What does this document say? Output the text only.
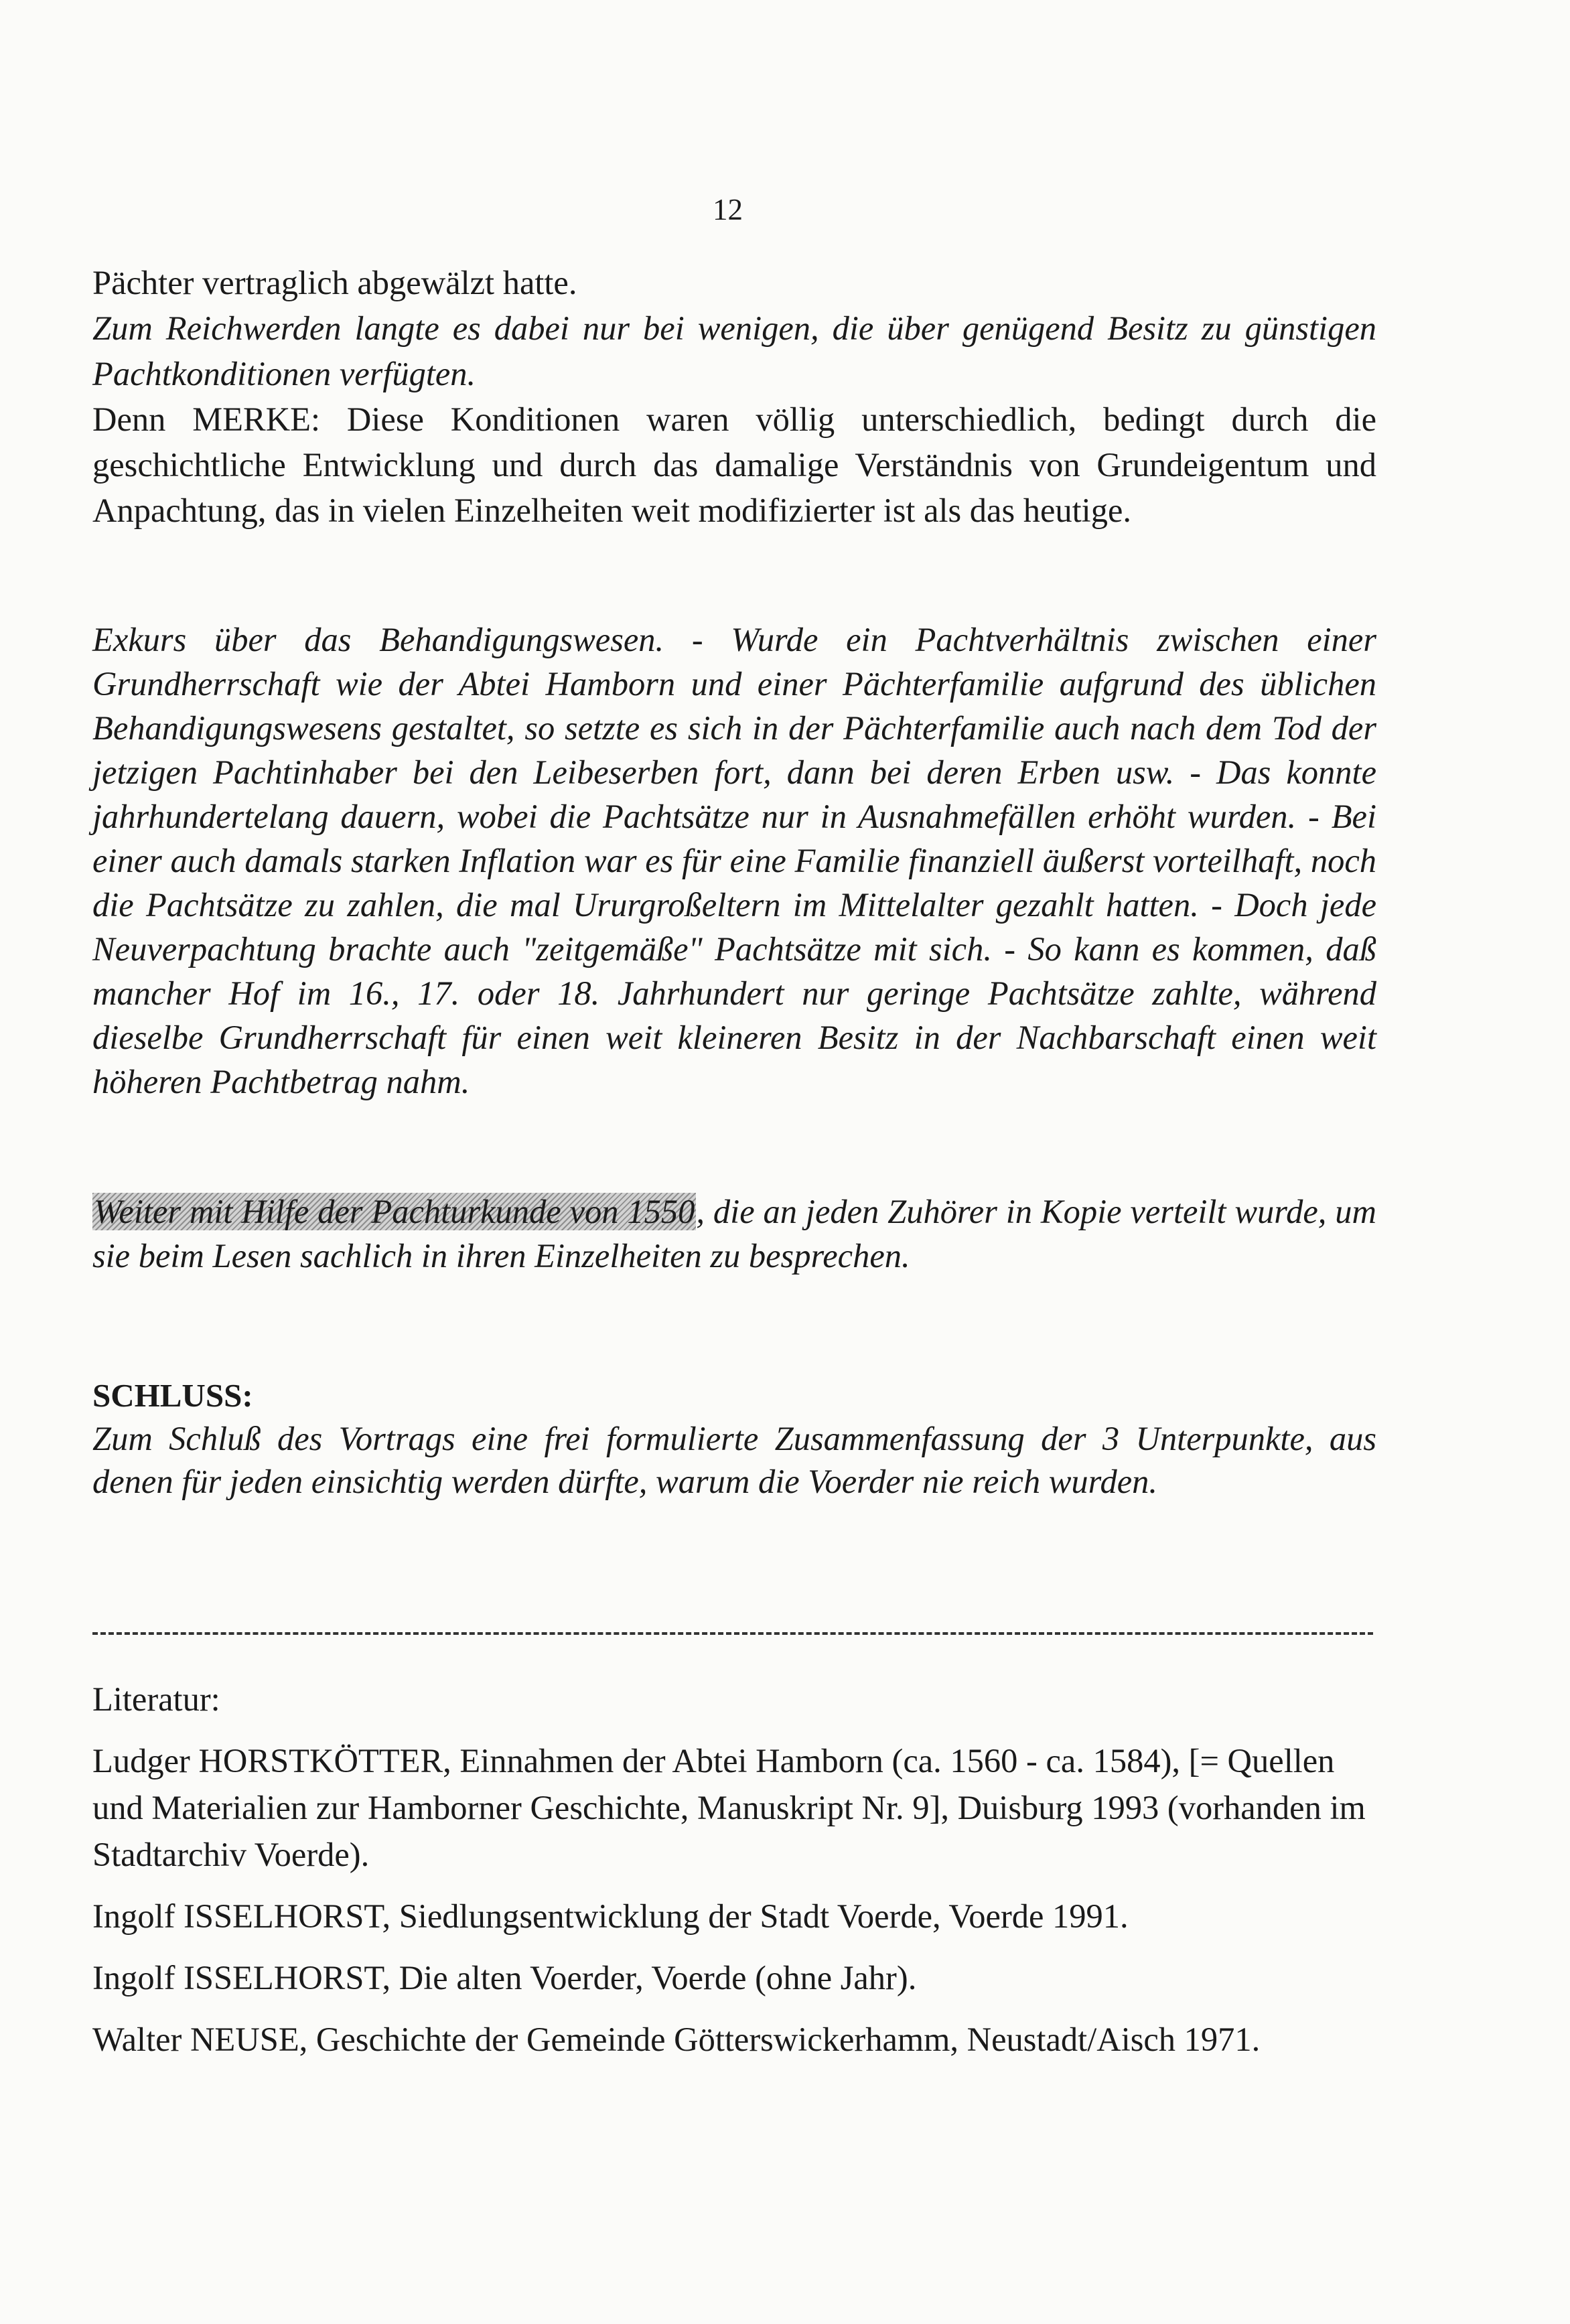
12

Pächter vertraglich abgewälzt hatte.

Zum Reichwerden langte es dabei nur bei wenigen, die über genügend Besitz zu günstigen Pachtkonditionen verfügten.

Denn MERKE: Diese Konditionen waren völlig unterschiedlich, bedingt durch die geschichtliche Entwicklung und durch das damalige Verständnis von Grundeigentum und Anpachtung, das in vielen Einzelheiten weit modifizierter ist als das heutige.

Exkurs über das Behandigungswesen. - Wurde ein Pachtverhältnis zwischen einer Grundherrschaft wie der Abtei Hamborn und einer Pächterfamilie aufgrund des üblichen Behandigungswesens gestaltet, so setzte es sich in der Pächterfamilie auch nach dem Tod der jetzigen Pachtinhaber bei den Leibeserben fort, dann bei deren Erben usw. - Das konnte jahrhundertelang dauern, wobei die Pachtsätze nur in Ausnahmefällen erhöht wurden. - Bei einer auch damals starken Inflation war es für eine Familie finanziell äußerst vorteilhaft, noch die Pachtsätze zu zahlen, die mal Ururgroßeltern im Mittelalter gezahlt hatten. - Doch jede Neuverpachtung brachte auch "zeitgemäße" Pachtsätze mit sich. - So kann es kommen, daß mancher Hof im 16., 17. oder 18. Jahrhundert nur geringe Pachtsätze zahlte, während dieselbe Grundherrschaft für einen weit kleineren Besitz in der Nachbarschaft einen weit höheren Pachtbetrag nahm.

Weiter mit Hilfe der Pachturkunde von 1550, die an jeden Zuhörer in Kopie verteilt wurde, um sie beim Lesen sachlich in ihren Einzelheiten zu besprechen.

SCHLUSS:

Zum Schluß des Vortrags eine frei formulierte Zusammenfassung der 3 Unterpunkte, aus denen für jeden einsichtig werden dürfte, warum die Voerder nie reich wurden.

Literatur:

Ludger HORSTKÖTTER, Einnahmen der Abtei Hamborn (ca. 1560 - ca. 1584), [= Quellen und Materialien zur Hamborner Geschichte, Manuskript Nr. 9], Duisburg 1993 (vorhanden im Stadtarchiv Voerde).

Ingolf ISSELHORST, Siedlungsentwicklung der Stadt Voerde, Voerde 1991.

Ingolf ISSELHORST, Die alten Voerder, Voerde (ohne Jahr).

Walter NEUSE, Geschichte der Gemeinde Götterswickerhamm, Neustadt/Aisch 1971.
